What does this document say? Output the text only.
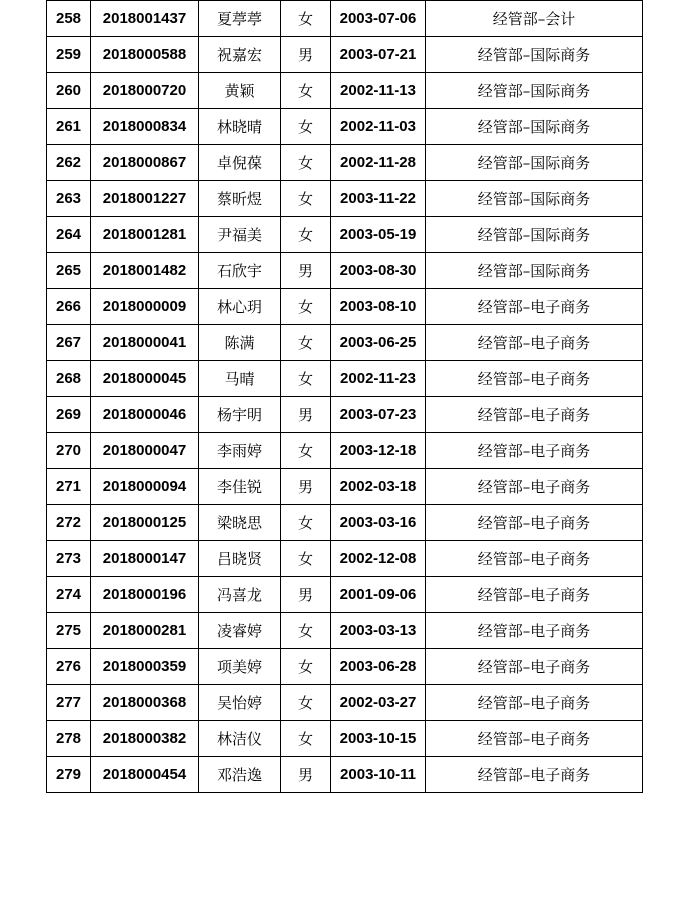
258	2018001437	夏葶葶	女	2003-07-06	经管部–会计
259	2018000588	祝嘉宏	男	2003-07-21	经管部–国际商务
260	2018000720	黄颖	女	2002-11-13	经管部–国际商务
261	2018000834	林晓晴	女	2002-11-03	经管部–国际商务
262	2018000867	卓倪葆	女	2002-11-28	经管部–国际商务
263	2018001227	蔡昕煜	女	2003-11-22	经管部–国际商务
264	2018001281	尹福美	女	2003-05-19	经管部–国际商务
265	2018001482	石欣宇	男	2003-08-30	经管部–国际商务
266	2018000009	林心玥	女	2003-08-10	经管部–电子商务
267	2018000041	陈满	女	2003-06-25	经管部–电子商务
268	2018000045	马晴	女	2002-11-23	经管部–电子商务
269	2018000046	杨宇明	男	2003-07-23	经管部–电子商务
270	2018000047	李雨婷	女	2003-12-18	经管部–电子商务
271	2018000094	李佳锐	男	2002-03-18	经管部–电子商务
272	2018000125	梁晓思	女	2003-03-16	经管部–电子商务
273	2018000147	吕晓贤	女	2002-12-08	经管部–电子商务
274	2018000196	冯喜龙	男	2001-09-06	经管部–电子商务
275	2018000281	凌睿婷	女	2003-03-13	经管部–电子商务
276	2018000359	项美婷	女	2003-06-28	经管部–电子商务
277	2018000368	吴怡婷	女	2002-03-27	经管部–电子商务
278	2018000382	林洁仪	女	2003-10-15	经管部–电子商务
279	2018000454	邓浩逸	男	2003-10-11	经管部–电子商务
